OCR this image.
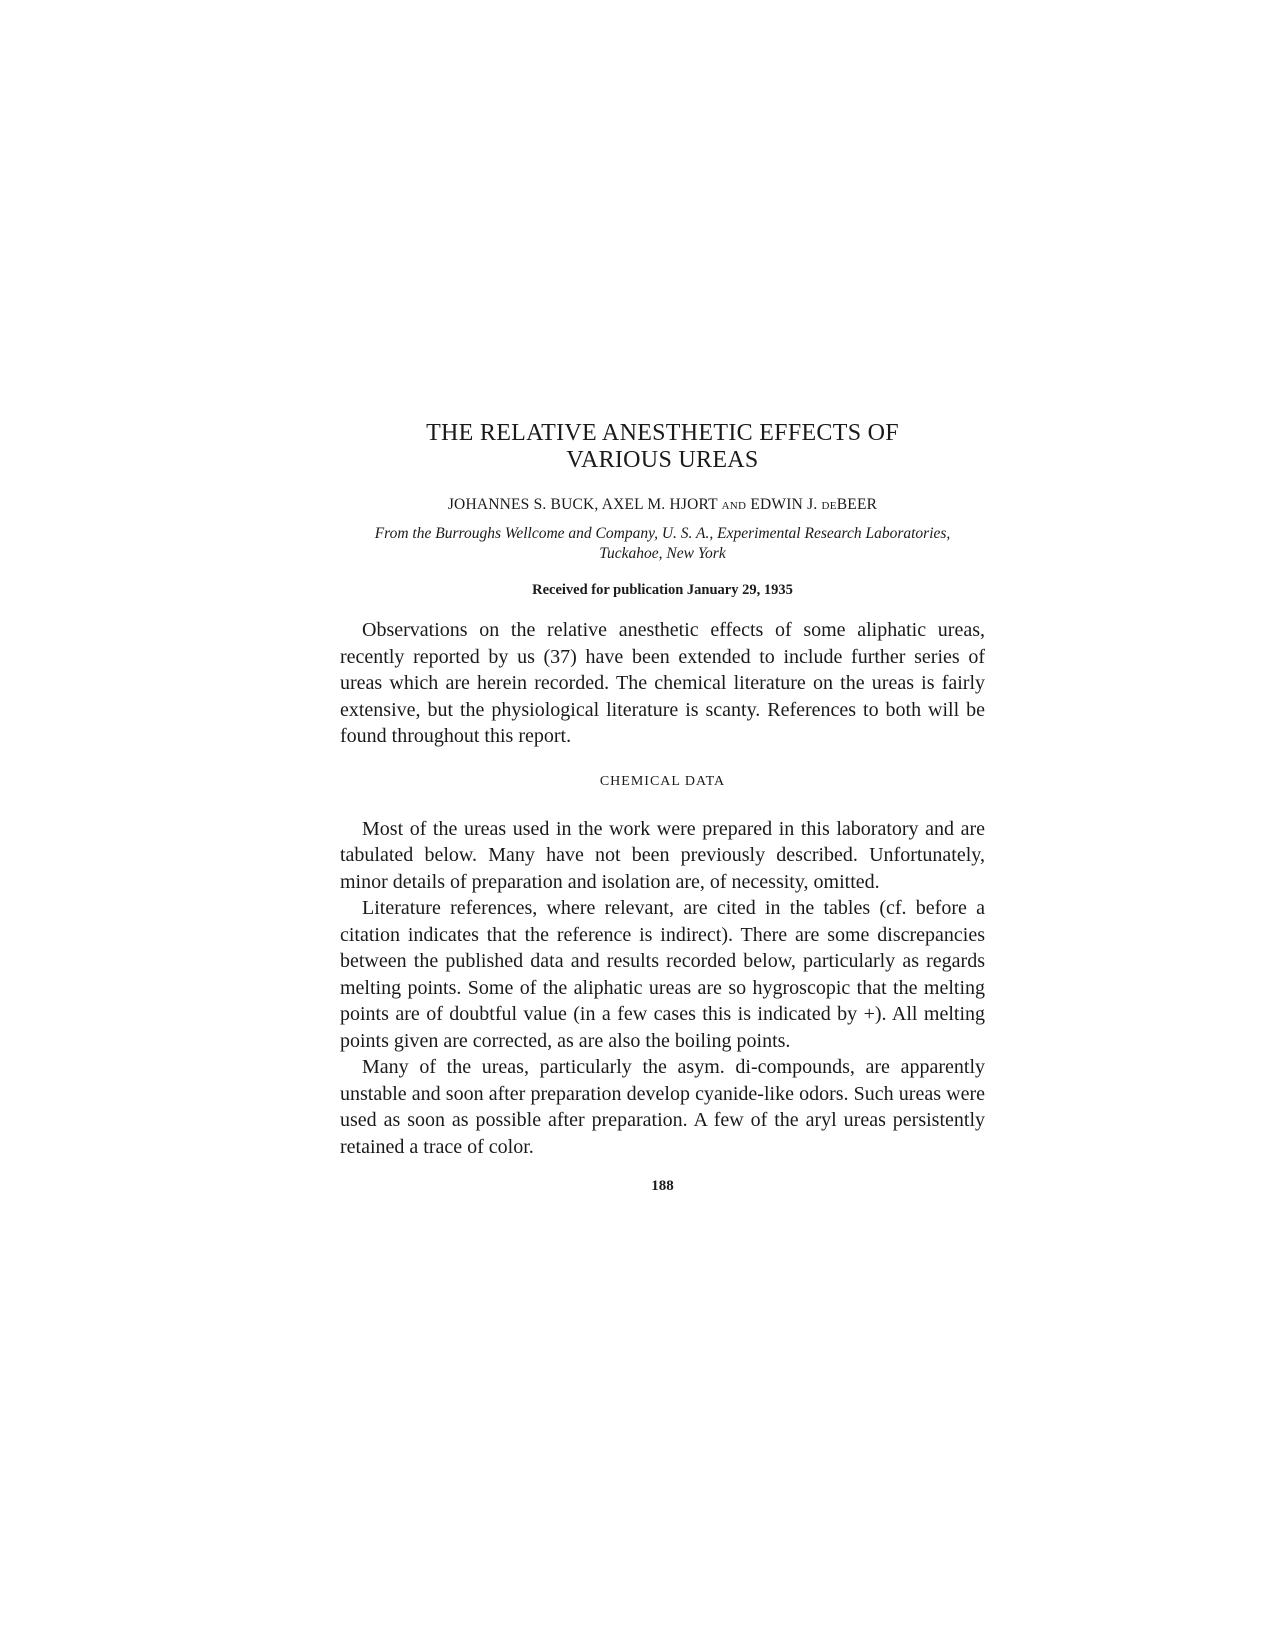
THE RELATIVE ANESTHETIC EFFECTS OF
VARIOUS UREAS
JOHANNES S. BUCK, AXEL M. HJORT AND EDWIN J. DEBEER
From the Burroughs Wellcome and Company, U. S. A., Experimental Research Laboratories, Tuckahoe, New York
Received for publication January 29, 1935

Observations on the relative anesthetic effects of some aliphatic ureas, recently reported by us (37) have been extended to include further series of ureas which are herein recorded. The chemical literature on the ureas is fairly extensive, but the physiological literature is scanty. References to both will be found throughout this report.

CHEMICAL DATA

Most of the ureas used in the work were prepared in this laboratory and are tabulated below. Many have not been previously described. Unfortunately, minor details of preparation and isolation are, of necessity, omitted.

Literature references, where relevant, are cited in the tables (cf. before a citation indicates that the reference is indirect). There are some discrepancies between the published data and results recorded below, particularly as regards melting points. Some of the aliphatic ureas are so hygroscopic that the melting points are of doubtful value (in a few cases this is indicated by +). All melting points given are corrected, as are also the boiling points.

Many of the ureas, particularly the asym. di-compounds, are apparently unstable and soon after preparation develop cyanide-like odors. Such ureas were used as soon as possible after preparation. A few of the aryl ureas persistently retained a trace of color.

188
